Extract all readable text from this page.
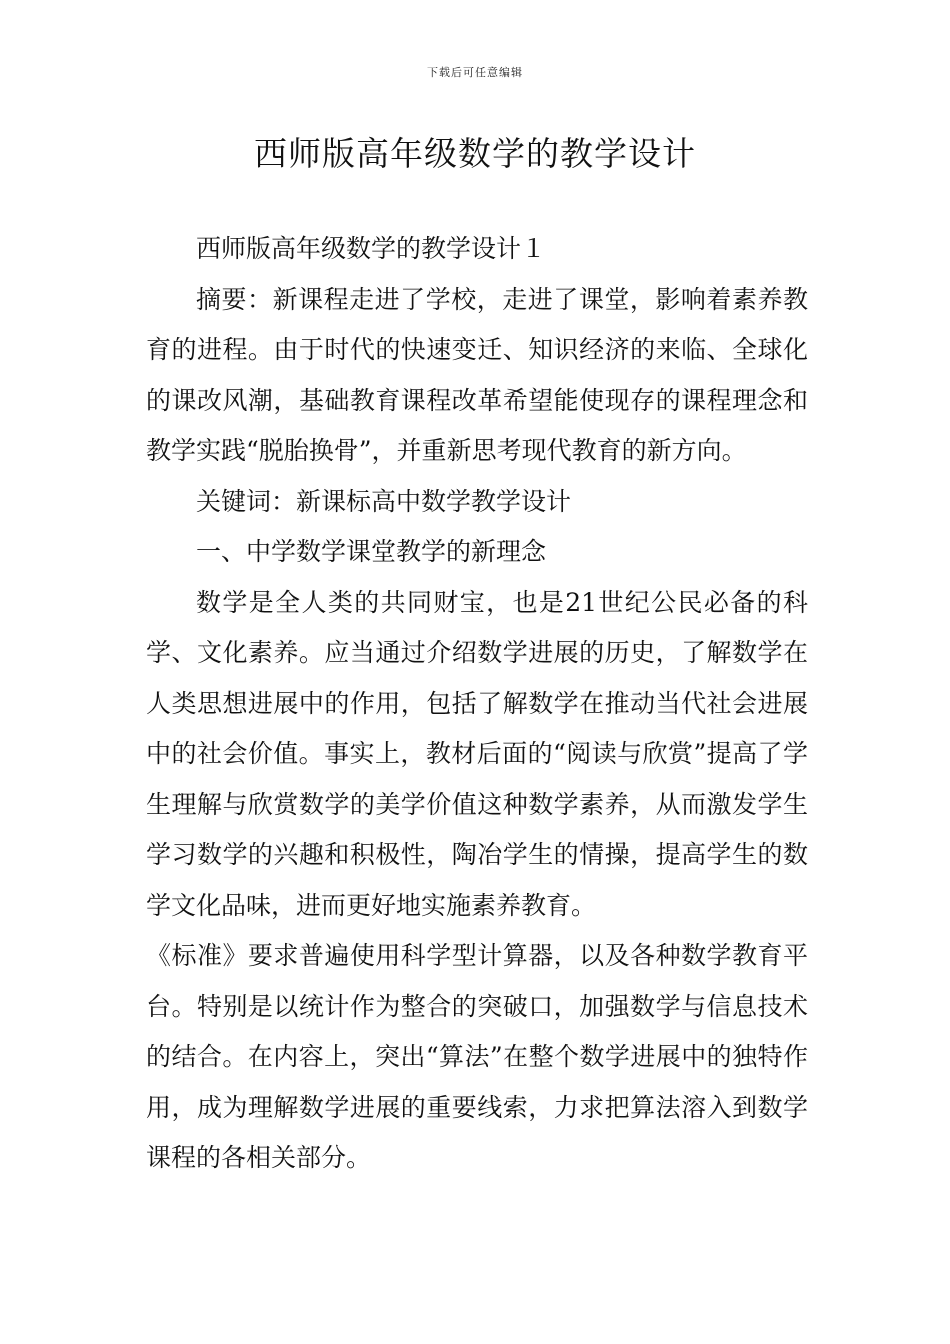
下载后可任意编辑
西师版高年级数学的教学设计

西师版高年级数学的教学设计１

摘要：新课程走进了学校，走进了课堂，影响着素养教育的进程。由于时代的快速变迁、知识经济的来临、全球化的课改风潮，基础教育课程改革希望能使现存的课程理念和教学实践“脱胎换骨”，并重新思考现代教育的新方向。

关键词：新课标高中数学教学设计

一、中学数学课堂教学的新理念

数学是全人类的共同财宝，也是21世纪公民必备的科学、文化素养。应当通过介绍数学进展的历史，了解数学在人类思想进展中的作用，包括了解数学在推动当代社会进展中的社会价值。事实上，教材后面的“阅读与欣赏”提高了学生理解与欣赏数学的美学价值这种数学素养，从而激发学生学习数学的兴趣和积极性，陶冶学生的情操，提高学生的数学文化品味，进而更好地实施素养教育。

《标准》要求普遍使用科学型计算器，以及各种数学教育平台。特别是以统计作为整合的突破口，加强数学与信息技术的结合。在内容上，突出“算法”在整个数学进展中的独特作用，成为理解数学进展的重要线索，力求把算法溶入到数学课程的各相关部分。
